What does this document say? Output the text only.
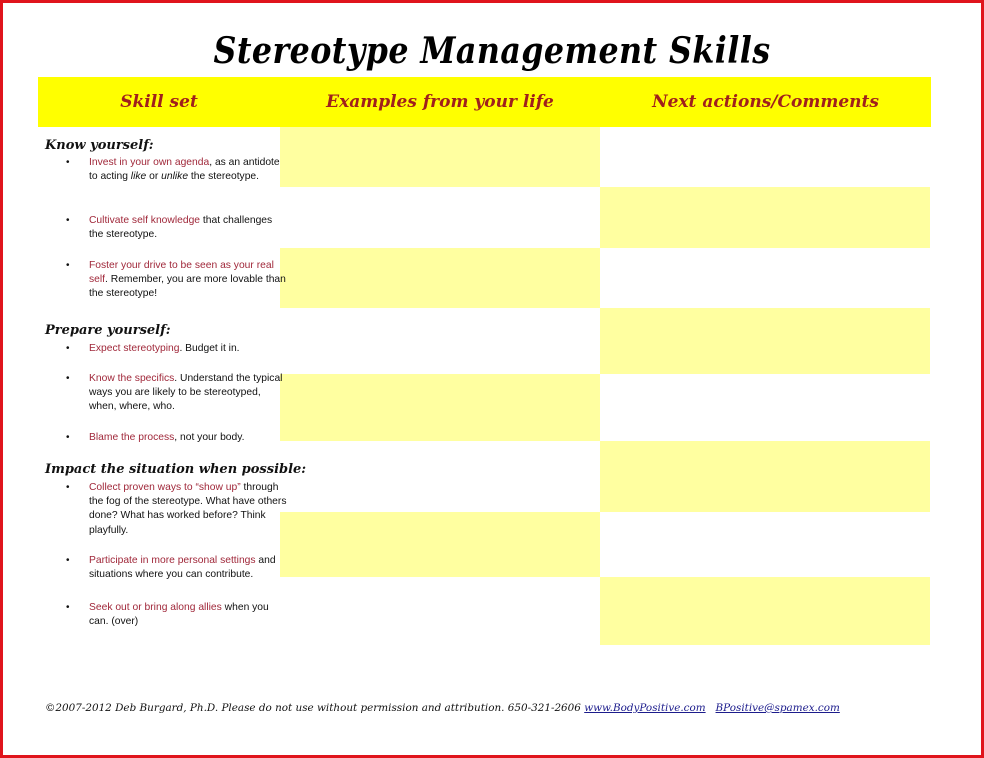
Stereotype Management Skills
Skill set	Examples from your life	Next actions/Comments
Know yourself:
• Invest in your own agenda, as an antidote to acting like or unlike the stereotype.
• Cultivate self knowledge that challenges the stereotype.
• Foster your drive to be seen as your real self. Remember, you are more lovable than the stereotype!
Prepare yourself:
• Expect stereotyping. Budget it in.
• Know the specifics. Understand the typical ways you are likely to be stereotyped, when, where, who.
• Blame the process, not your body.
Impact the situation when possible:
• Collect proven ways to “show up” through the fog of the stereotype. What have others done? What has worked before? Think playfully.
• Participate in more personal settings and situations where you can contribute.
• Seek out or bring along allies when you can. (over)
©2007-2012 Deb Burgard, Ph.D. Please do not use without permission and attribution. 650-321-2606 www.BodyPositive.com BPositive@spamex.com
